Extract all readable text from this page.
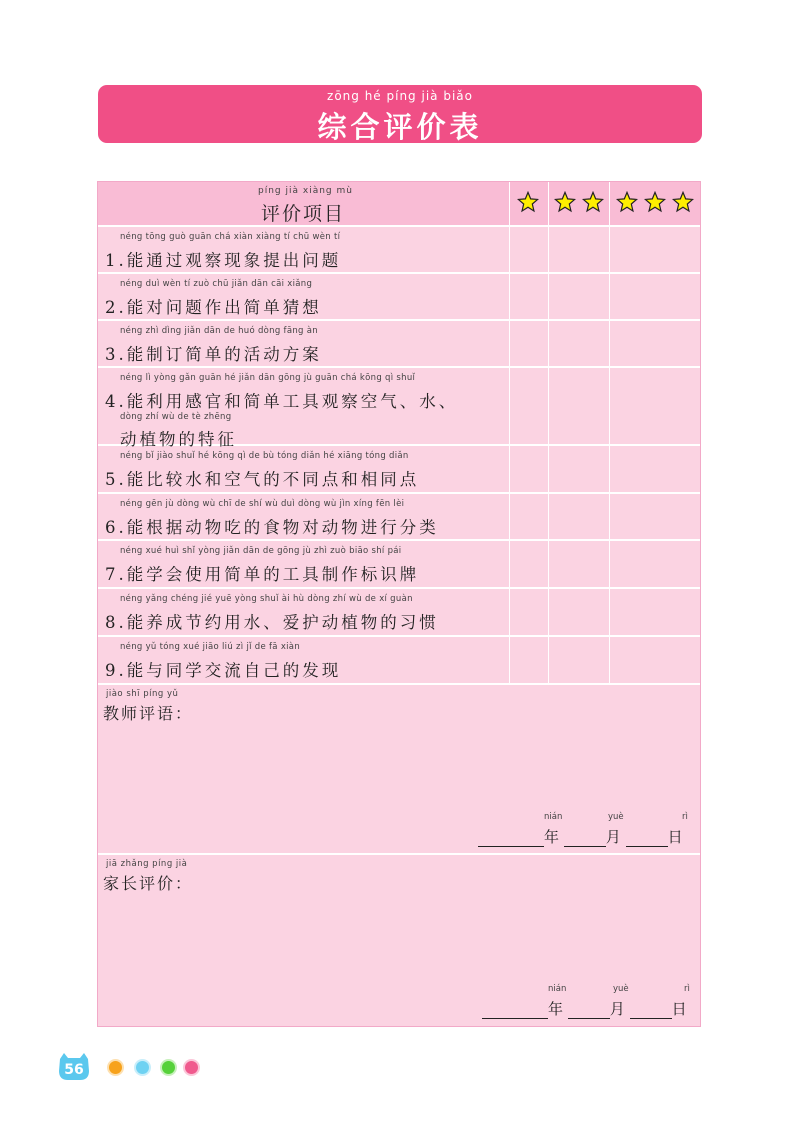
zōng hé píng jià biǎo
综合评价表
píng jià xiàng mù
评价项目
néng tōng guò guān chá xiàn xiàng tí chū wèn tí
1.能通过观察现象提出问题
néng duì wèn tí zuò chū jiǎn dān cāi xiǎng
2.能对问题作出简单猜想
néng zhì dìng jiǎn dān de huó dòng fāng àn
3.能制订简单的活动方案
néng lì yòng gǎn guān hé jiǎn dān gōng jù guān chá kōng qì shuǐ
4.能利用感官和简单工具观察空气、水、
dòng zhí wù de tè zhēng
动植物的特征
néng bǐ jiào shuǐ hé kōng qì de bù tóng diǎn hé xiāng tóng diǎn
5.能比较水和空气的不同点和相同点
néng gēn jù dòng wù chī de shí wù duì dòng wù jìn xíng fēn lèi
6.能根据动物吃的食物对动物进行分类
néng xué huì shǐ yòng jiǎn dān de gōng jù zhì zuò biāo shí pái
7.能学会使用简单的工具制作标识牌
néng yǎng chéng jié yuē yòng shuǐ ài hù dòng zhí wù de xí guàn
8.能养成节约用水、爱护动植物的习惯
néng yǔ tóng xué jiāo liú zì jǐ de fā xiàn
9.能与同学交流自己的发现
jiào shī píng yǔ
教师评语：
nián	yuè	rì
年	月	日
jiā zhǎng píng jià
家长评价：
nián	yuè	rì
年	月	日
56
